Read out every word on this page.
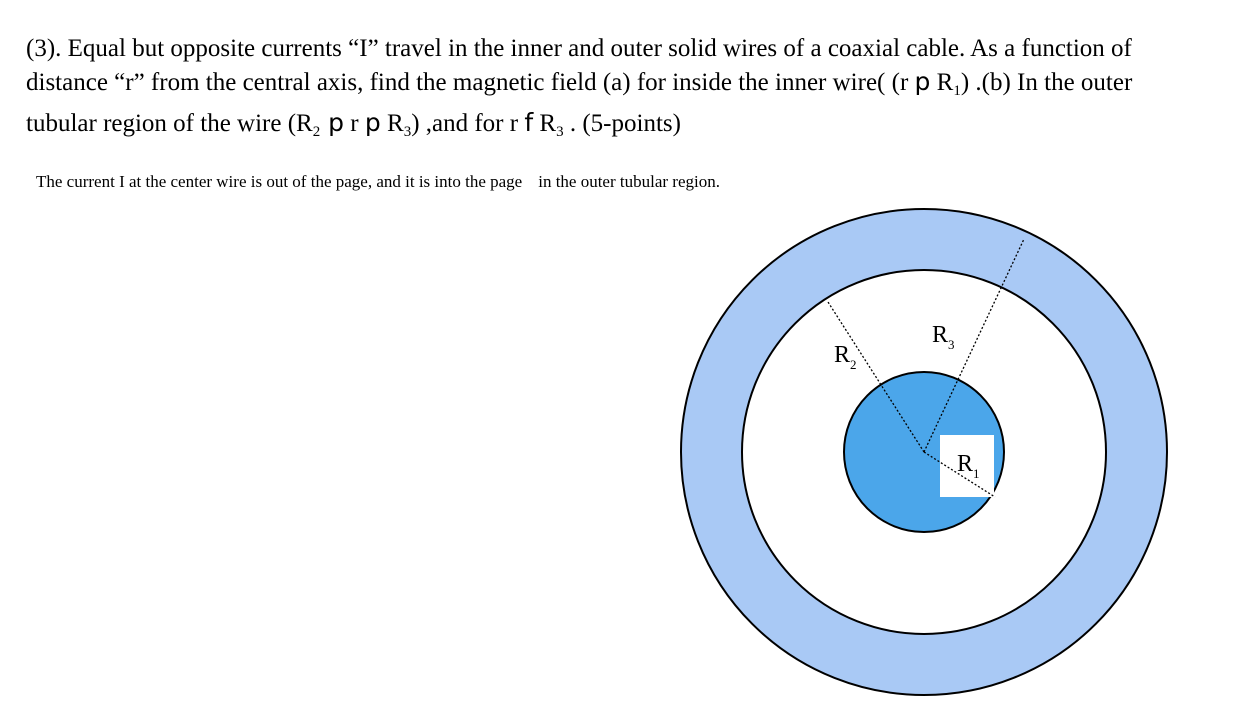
(3). Equal but opposite currents “I” travel in the inner and outer solid wires of a coaxial cable. As a function of
distance “r” from the central axis, find the magnetic field (a) for inside the inner wire( (r p $R_1$) .(b) In the outer
tubular region of the wire ($R_2$ p r p $R_3$) ,and for r f $R_3$ . (5-points)
The current I at the center wire is out of the page, and it is into the page in the outer tubular region.
$R_1$
$R_2$
$R_3$
